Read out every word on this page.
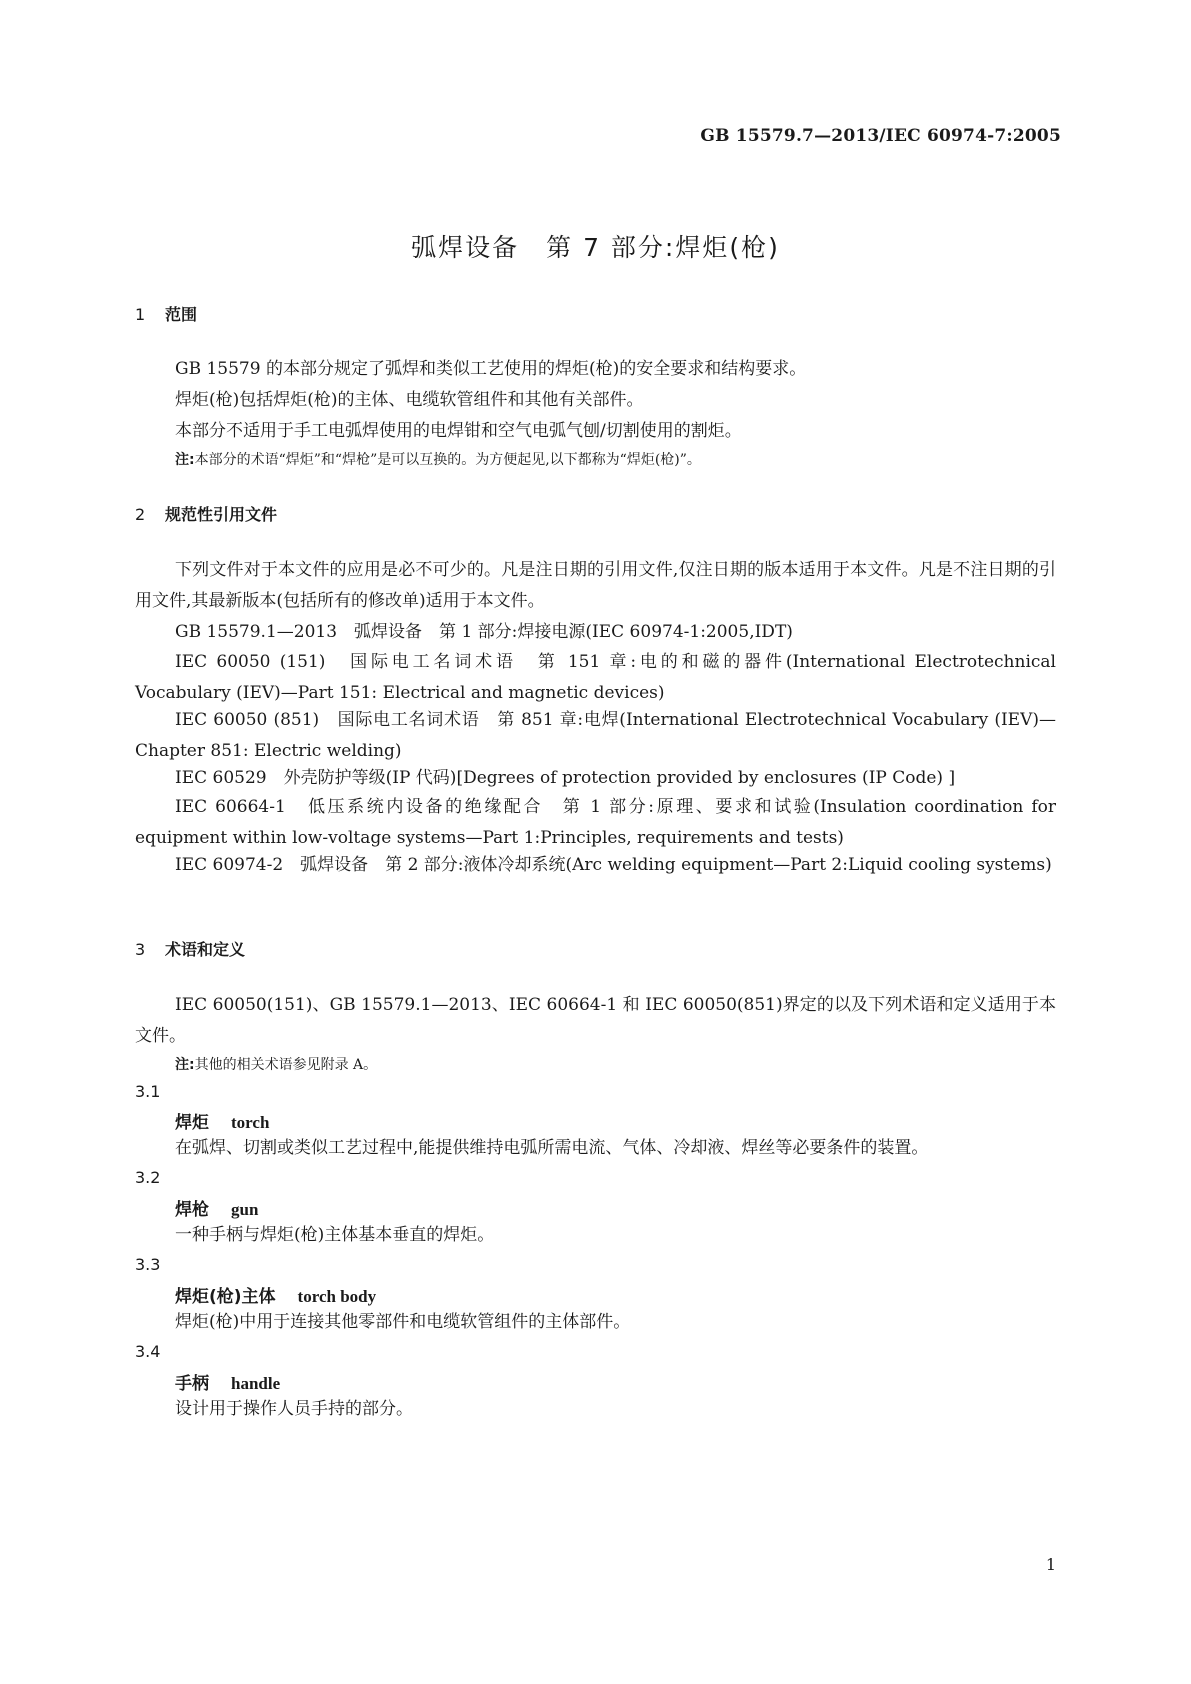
GB 15579.7—2013/IEC 60974-7:2005
弧焊设备　第 7 部分:焊炬(枪)
1 范围
GB 15579 的本部分规定了弧焊和类似工艺使用的焊炬(枪)的安全要求和结构要求。
焊炬(枪)包括焊炬(枪)的主体、电缆软管组件和其他有关部件。
本部分不适用于手工电弧焊使用的电焊钳和空气电弧气刨/切割使用的割炬。
注:本部分的术语“焊炬”和“焊枪”是可以互换的。为方便起见,以下都称为“焊炬(枪)”。
2 规范性引用文件
下列文件对于本文件的应用是必不可少的。凡是注日期的引用文件,仅注日期的版本适用于本文件。凡是不注日期的引用文件,其最新版本(包括所有的修改单)适用于本文件。
GB 15579.1—2013　弧焊设备　第 1 部分:焊接电源(IEC 60974-1:2005,IDT)
IEC 60050 (151)　国际电工名词术语　第 151 章:电的和磁的器件(International Electrotechnical Vocabulary (IEV)—Part 151: Electrical and magnetic devices)
IEC 60050 (851)　国际电工名词术语　第 851 章:电焊(International Electrotechnical Vocabulary (IEV)—Chapter 851: Electric welding)
IEC 60529　外壳防护等级(IP 代码)[Degrees of protection provided by enclosures (IP Code) ]
IEC 60664-1　低压系统内设备的绝缘配合　第 1 部分:原理、要求和试验(Insulation coordination for equipment within low-voltage systems—Part 1:Principles, requirements and tests)
IEC 60974-2　弧焊设备　第 2 部分:液体冷却系统(Arc welding equipment—Part 2:Liquid cooling systems)
3 术语和定义
IEC 60050(151)、GB 15579.1—2013、IEC 60664-1 和 IEC 60050(851)界定的以及下列术语和定义适用于本文件。
注:其他的相关术语参见附录 A。
3.1
焊炬 torch
在弧焊、切割或类似工艺过程中,能提供维持电弧所需电流、气体、冷却液、焊丝等必要条件的装置。
3.2
焊枪 gun
一种手柄与焊炬(枪)主体基本垂直的焊炬。
3.3
焊炬(枪)主体 torch body
焊炬(枪)中用于连接其他零部件和电缆软管组件的主体部件。
3.4
手柄 handle
设计用于操作人员手持的部分。
1
